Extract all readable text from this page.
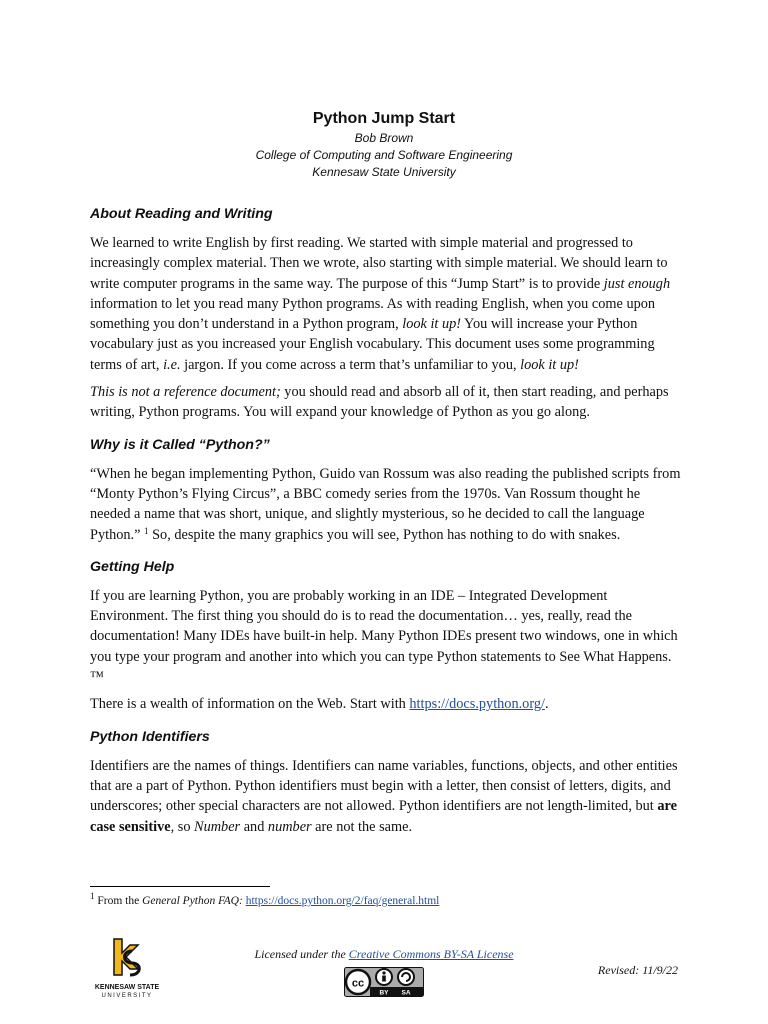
Python Jump Start
Bob Brown
College of Computing and Software Engineering
Kennesaw State University
About Reading and Writing

We learned to write English by first reading. We started with simple material and progressed to increasingly complex material. Then we wrote, also starting with simple material. We should learn to write computer programs in the same way. The purpose of this “Jump Start” is to provide just enough information to let you read many Python programs. As with reading English, when you come upon something you don’t understand in a Python program, look it up! You will increase your Python vocabulary just as you increased your English vocabulary. This document uses some programming terms of art, i.e. jargon. If you come across a term that’s unfamiliar to you, look it up!

This is not a reference document; you should read and absorb all of it, then start reading, and perhaps writing, Python programs. You will expand your knowledge of Python as you go along.

Why is it Called “Python?”

“When he began implementing Python, Guido van Rossum was also reading the published scripts from “Monty Python’s Flying Circus”, a BBC comedy series from the 1970s. Van Rossum thought he needed a name that was short, unique, and slightly mysterious, so he decided to call the language Python.” $^1$ So, despite the many graphics you will see, Python has nothing to do with snakes.

Getting Help

If you are learning Python, you are probably working in an IDE – Integrated Development Environment. The first thing you should do is to read the documentation… yes, really, read the documentation! Many IDEs have built-in help. Many Python IDEs present two windows, one in which you type your program and another into which you can type Python statements to See What Happens. ™

There is a wealth of information on the Web. Start with https://docs.python.org/.

Python Identifiers

Identifiers are the names of things. Identifiers can name variables, functions, objects, and other entities that are a part of Python. Python identifiers must begin with a letter, then consist of letters, digits, and underscores; other special characters are not allowed. Python identifiers are not length-limited, but are case sensitive, so Number and number are not the same.

$^1$ From the General Python FAQ: https://docs.python.org/2/faq/general.html
KENNESAW STATE
UNIVERSITY
Licensed under the Creative Commons BY-SA License
cc
BY SA
Revised: 11/9/22
